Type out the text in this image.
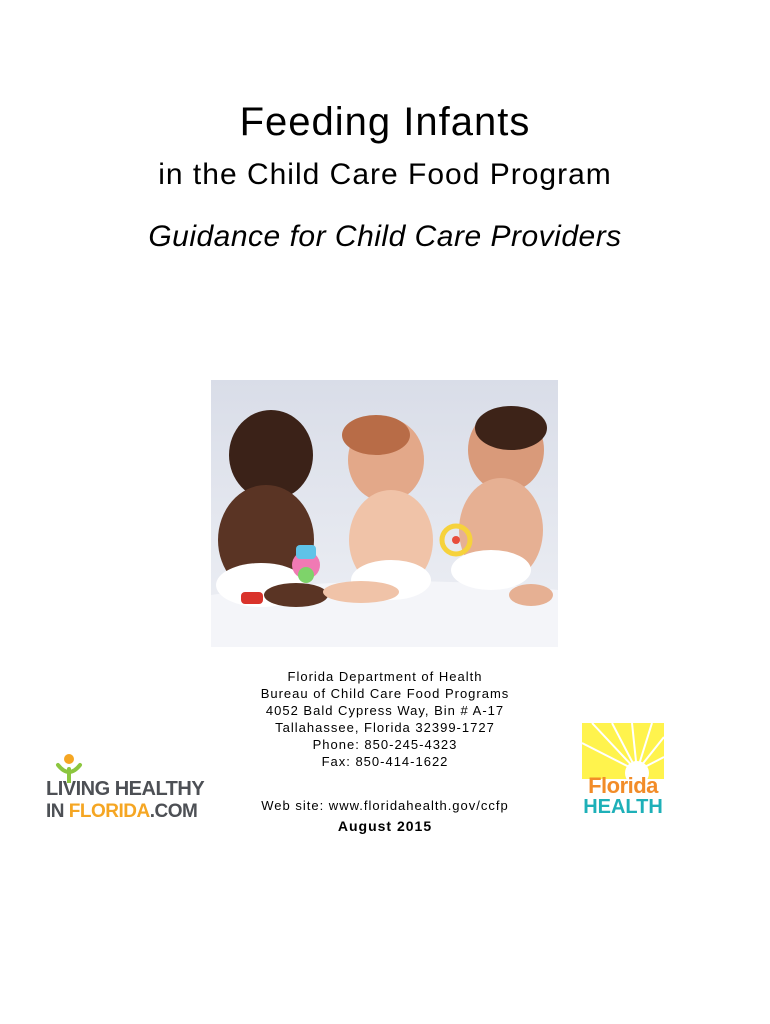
Feeding Infants
in the Child Care Food Program
Guidance for Child Care Providers
Florida Department of Health
Bureau of Child Care Food Programs
4052 Bald Cypress Way, Bin # A-17
Tallahassee, Florida 32399-1727
Phone: 850-245-4323
Fax: 850-414-1622
Web site: www.floridahealth.gov/ccfp
August 2015
LIVING HEALTHY
IN FLORIDA.COM
Florida
HEALTH
